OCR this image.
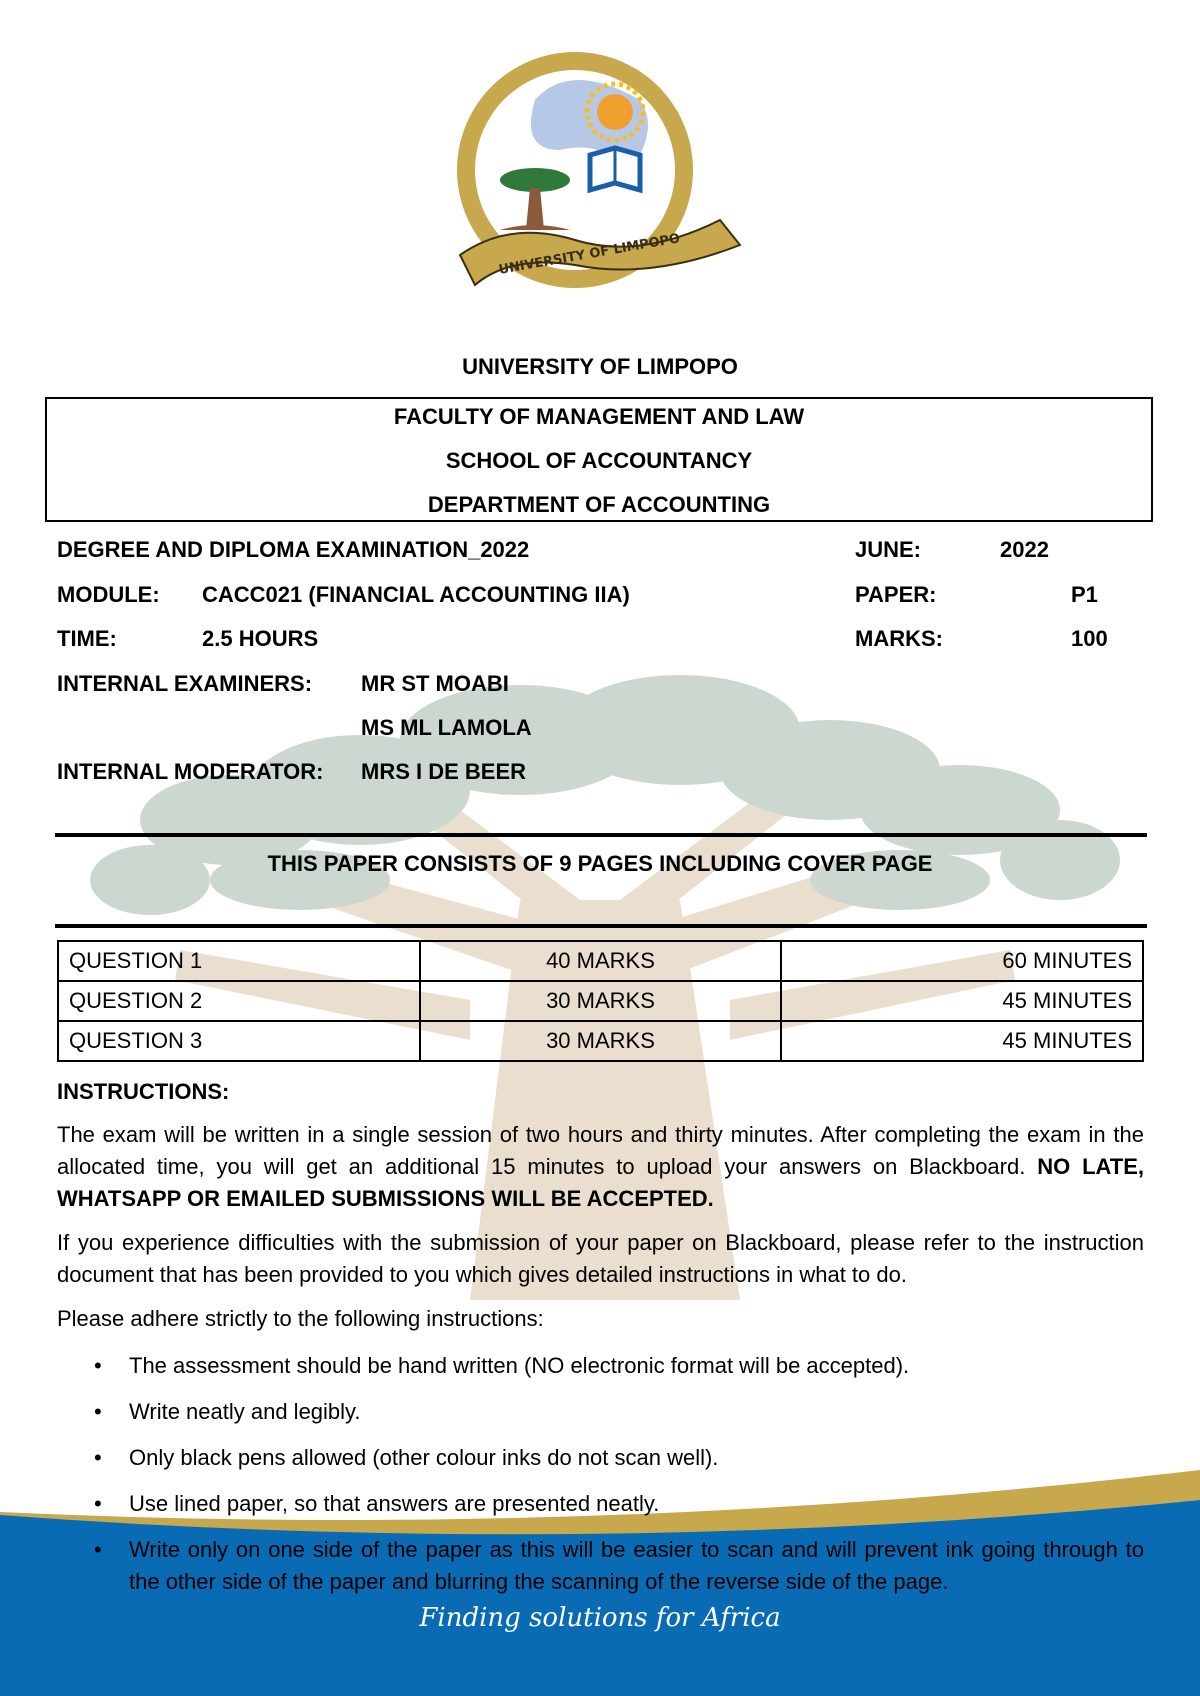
UNIVERSITY OF LIMPOPO
UNIVERSITY OF LIMPOPO
FACULTY OF MANAGEMENT AND LAW
SCHOOL OF ACCOUNTANCY
DEPARTMENT OF ACCOUNTING
DEGREE AND DIPLOMA EXAMINATION_2022	JUNE:	2022
MODULE: CACC021 (FINANCIAL ACCOUNTING IIA)	PAPER:	P1
TIME:	2.5 HOURS	MARKS:	100
INTERNAL EXAMINERS: MR ST MOABI
MS ML LAMOLA
INTERNAL MODERATOR: MRS I DE BEER
THIS PAPER CONSISTS OF 9 PAGES INCLUDING COVER PAGE
QUESTION 1	40 MARKS	60 MINUTES
QUESTION 2	30 MARKS	45 MINUTES
QUESTION 3	30 MARKS	45 MINUTES
INSTRUCTIONS:
The exam will be written in a single session of two hours and thirty minutes. After completing the exam in the allocated time, you will get an additional 15 minutes to upload your answers on Blackboard. NO LATE, WHATSAPP OR EMAILED SUBMISSIONS WILL BE ACCEPTED.
If you experience difficulties with the submission of your paper on Blackboard, please refer to the instruction document that has been provided to you which gives detailed instructions in what to do.
Please adhere strictly to the following instructions:
• The assessment should be hand written (NO electronic format will be accepted).
• Write neatly and legibly.
• Only black pens allowed (other colour inks do not scan well).
• Use lined paper, so that answers are presented neatly.
• Write only on one side of the paper as this will be easier to scan and will prevent ink going through to the other side of the paper and blurring the scanning of the reverse side of the page.
Finding solutions for Africa
